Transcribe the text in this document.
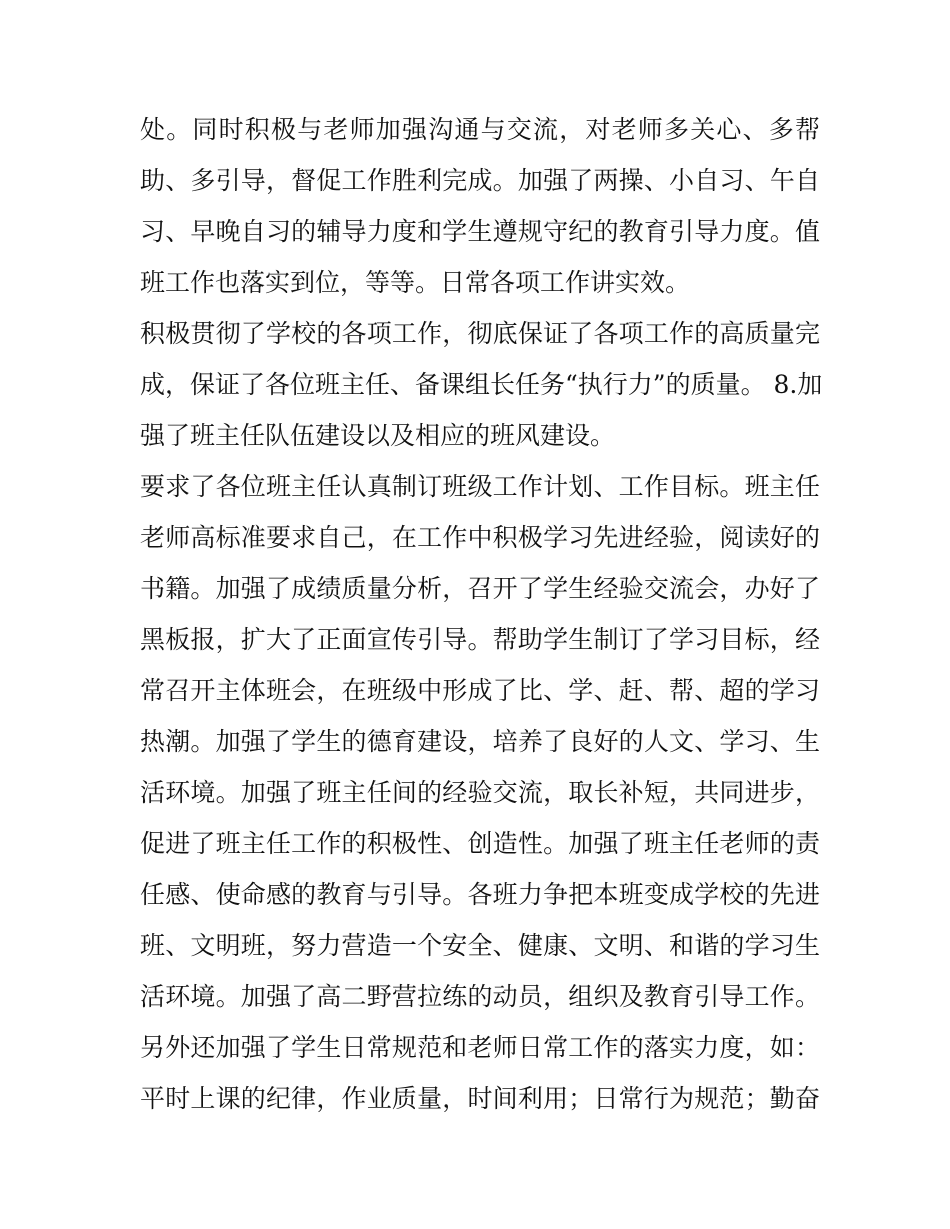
处。同时积极与老师加强沟通与交流，对老师多关心、多帮
助、多引导，督促工作胜利完成。加强了两操、小自习、午自
习、早晚自习的辅导力度和学生遵规守纪的教育引导力度。值
班工作也落实到位，等等。日常各项工作讲实效。
积极贯彻了学校的各项工作，彻底保证了各项工作的高质量完
成，保证了各位班主任、备课组长任务“执行力”的质量。 8.加
强了班主任队伍建设以及相应的班风建设。
要求了各位班主任认真制订班级工作计划、工作目标。班主任
老师高标准要求自己，在工作中积极学习先进经验，阅读好的
书籍。加强了成绩质量分析，召开了学生经验交流会，办好了
黑板报，扩大了正面宣传引导。帮助学生制订了学习目标，经
常召开主体班会，在班级中形成了比、学、赶、帮、超的学习
热潮。加强了学生的德育建设，培养了良好的人文、学习、生
活环境。加强了班主任间的经验交流，取长补短，共同进步，
促进了班主任工作的积极性、创造性。加强了班主任老师的责
任感、使命感的教育与引导。各班力争把本班变成学校的先进
班、文明班，努力营造一个安全、健康、文明、和谐的学习生
活环境。加强了高二野营拉练的动员，组织及教育引导工作。
另外还加强了学生日常规范和老师日常工作的落实力度，如：
平时上课的纪律，作业质量，时间利用；日常行为规范；勤奋
